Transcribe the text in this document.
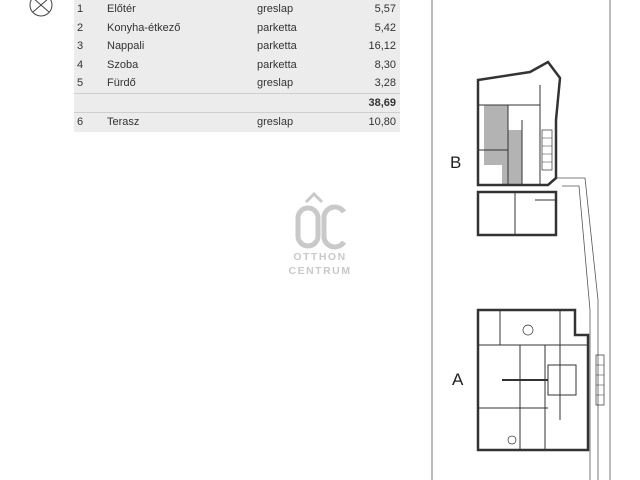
1	Előtér	greslap	5,57
2	Konyha-étkező	parketta	5,42
3	Nappali	parketta	16,12
4	Szoba	parketta	8,30
5	Fürdő	greslap	3,28
			38,69
6	Terasz	greslap	10,80
OTTHON
CENTRUM
B
A
